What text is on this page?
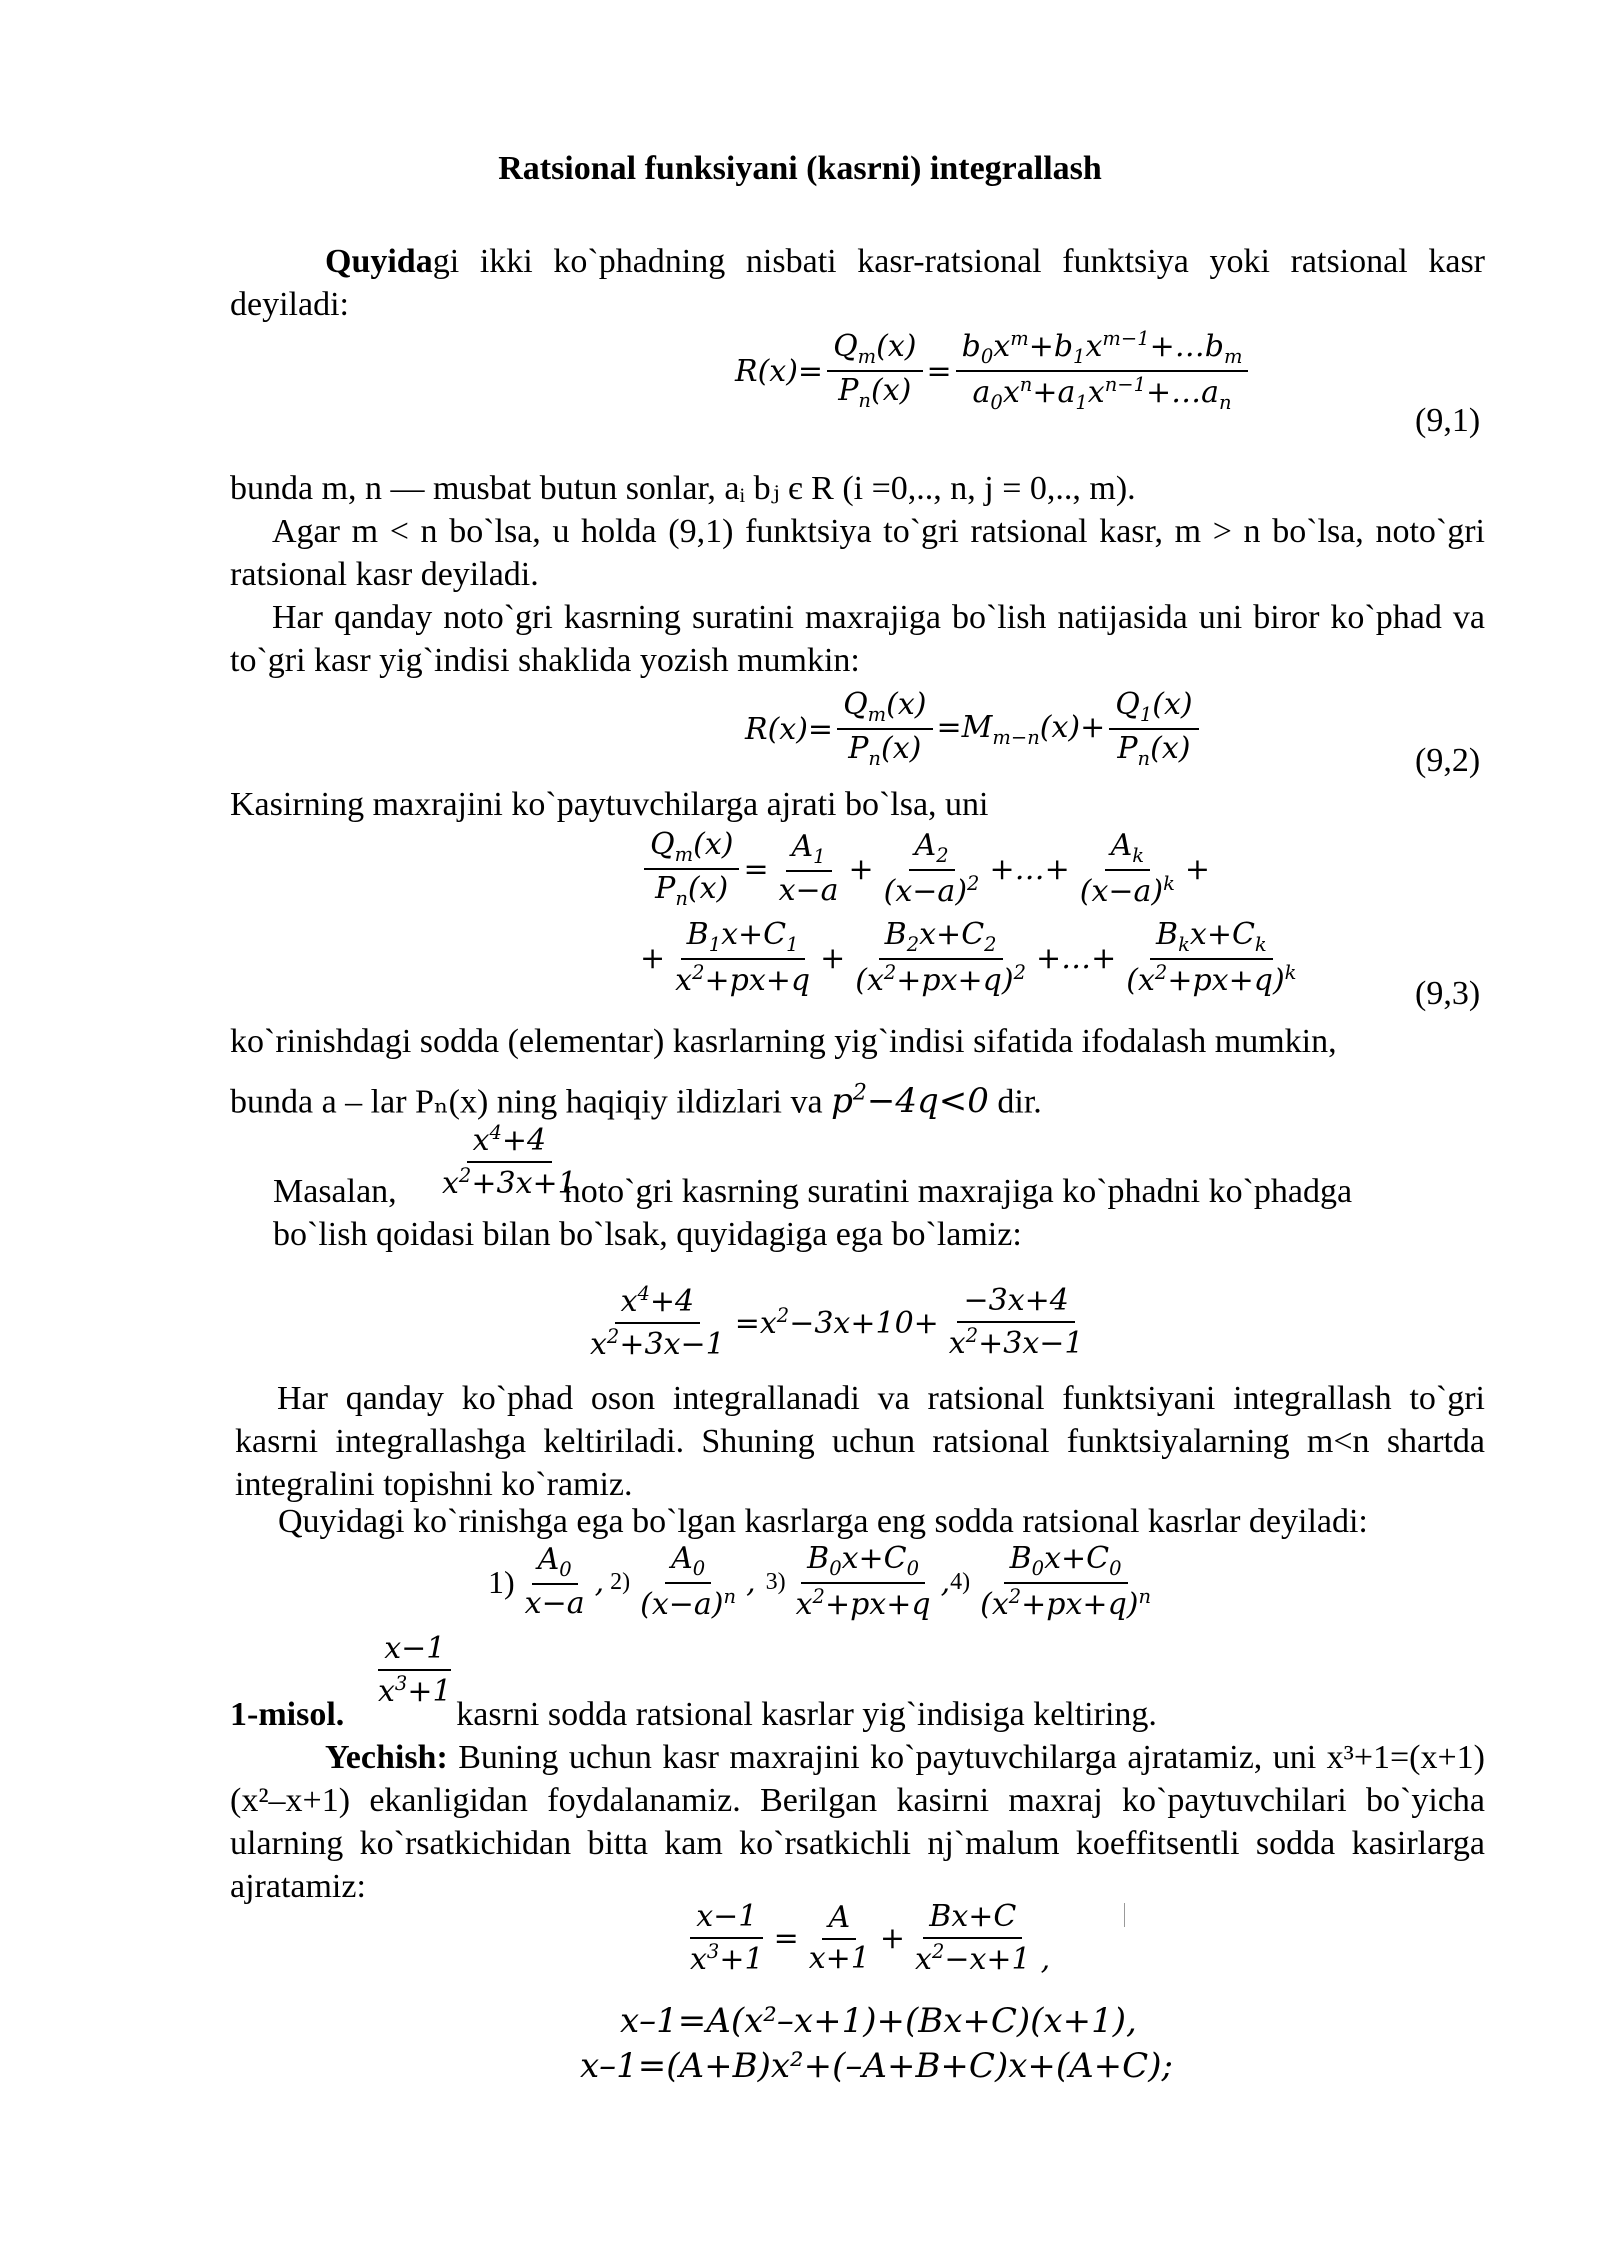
Ratsional funksiyani (kasrni) integrallash
Quyidagi ikki ko`phadning nisbati kasr-ratsional funktsiya yoki ratsional kasr deyiladi:
$R(x)= \frac{Q_m(x)}{P_n(x)} = \frac{b_0x^m+b_1x^{m-1}+\dots b_m}{a_0x^n+a_1x^{n-1}+\dots a_n}$
(9,1)
bunda m, n — musbat butun sonlar, aᵢ bⱼ є R (i =0,.., n, j = 0,.., m).
Agar m < n bo`lsa, u holda (9,1) funktsiya to`gri ratsional kasr, m > n bo`lsa, noto`gri ratsional kasr deyiladi.
Har qanday noto`gri kasrning suratini maxrajiga bo`lish natijasida uni biror ko`phad va to`gri kasr yig`indisi shaklida yozish mumkin:
$R(x)= \frac{Q_m(x)}{P_n(x)} =M_{m-n}(x)+ \frac{Q_1(x)}{P_n(x)}$	(9,2)
Kasirning maxrajini ko`paytuvchilarga ajrati bo`lsa, uni
$\frac{Q_m(x)}{P_n(x)} = \frac{A_1}{x-a} + \frac{A_2}{(x-a)^2}$ +…+ $\frac{A_k}{(x-a)^k}$ +
+ $\frac{B_1x+C_1}{x^2+px+q} + \frac{B_2x+C_2}{(x^2+px+q)^2}$ +…+ $\frac{B_kx+C_k}{(x^2+px+q)^k}$	(9,3)
ko`rinishdagi sodda (elementar) kasrlarning yig`indisi sifatida ifodalash mumkin,
bunda a – lar Pₙ(x) ning haqiqiy ildizlari va $p^2-4q<0$ dir.
$\frac{x^4+4}{x^2+3x+1}$
Masalan,	noto`gri kasrning suratini maxrajiga ko`phadni ko`phadga
bo`lish qoidasi bilan bo`lsak, quyidagiga ega bo`lamiz:
$\frac{x^4+4}{x^2+3x-1} =x^2-3x+10+ \frac{-3x+4}{x^2+3x-1}$
Har qanday ko`phad oson integrallanadi va ratsional funktsiyani integrallash to`gri kasrni integrallashga keltiriladi. Shuning uchun ratsional funktsiyalarning m<n shartda integralini topishni ko`ramiz.
Quyidagi ko`rinishga ega bo`lgan kasrlarga eng sodda ratsional kasrlar deyiladi:
$1) \frac{A_0}{x-a}$ , $2) \frac{A_0}{(x-a)^n}$ , $3) \frac{B_0x+C_0}{x^2+px+q}$ , $4) \frac{B_0x+C_0}{(x^2+px+q)^n}$
$\frac{x-1}{x^3+1}$
1-misol.	kasrni sodda ratsional kasrlar yig`indisiga keltiring.
Yechish: Buning uchun kasr maxrajini ko`paytuvchilarga ajratamiz, uni x³+1=(x+1)(x²–x+1) ekanligidan foydalanamiz. Berilgan kasirni maxraj ko`paytuvchilari bo`yicha ularning ko`rsatkichidan bitta kam ko`rsatkichli nj`malum koeffitsentli sodda kasirlarga ajratamiz:
$\frac{x-1}{x^3+1} = \frac{A}{x+1} + \frac{Bx+C}{x^2-x+1}$ ,
x–1=A(x²–x+1)+(Bx+C)(x+1),
x–1=(A+B)x²+(–A+B+C)x+(A+C);
